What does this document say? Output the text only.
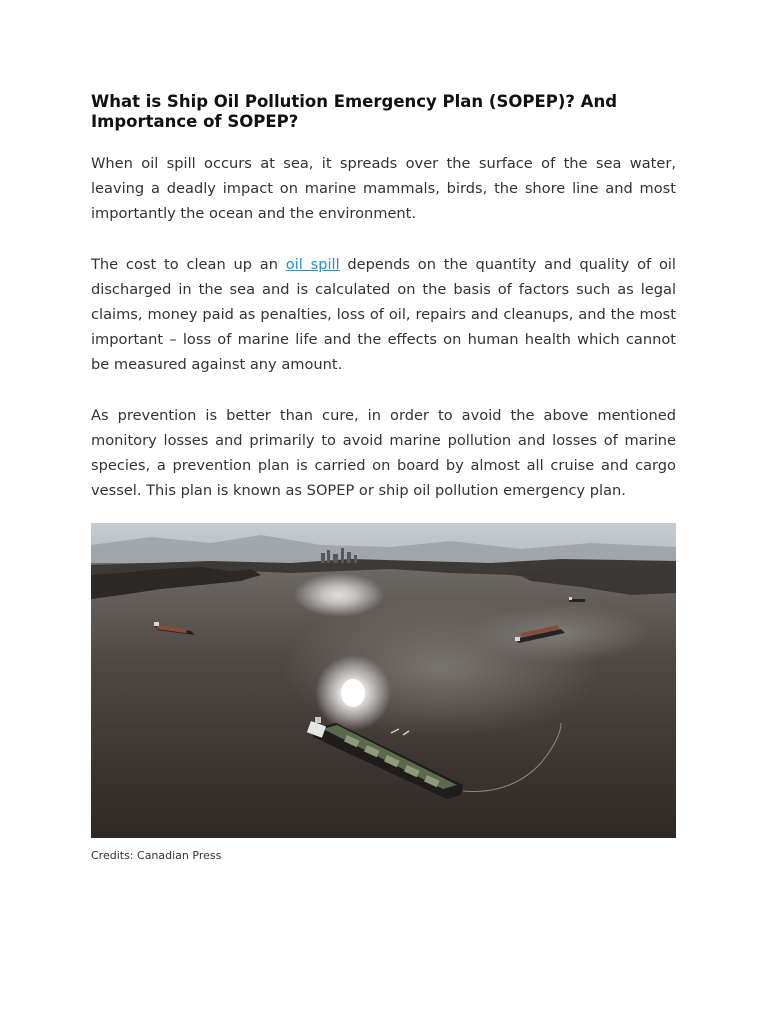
What is Ship Oil Pollution Emergency Plan (SOPEP)? And Importance of SOPEP?

When oil spill occurs at sea, it spreads over the surface of the sea water, leaving a deadly impact on marine mammals, birds, the shore line and most importantly the ocean and the environment.

The cost to clean up an oil spill depends on the quantity and quality of oil discharged in the sea and is calculated on the basis of factors such as legal claims, money paid as penalties, loss of oil, repairs and cleanups, and the most important – loss of marine life and the effects on human health which cannot be measured against any amount.

As prevention is better than cure, in order to avoid the above mentioned monitory losses and primarily to avoid marine pollution and losses of marine species, a prevention plan is carried on board by almost all cruise and cargo vessel. This plan is known as SOPEP or ship oil pollution emergency plan.

Credits: Canadian Press
